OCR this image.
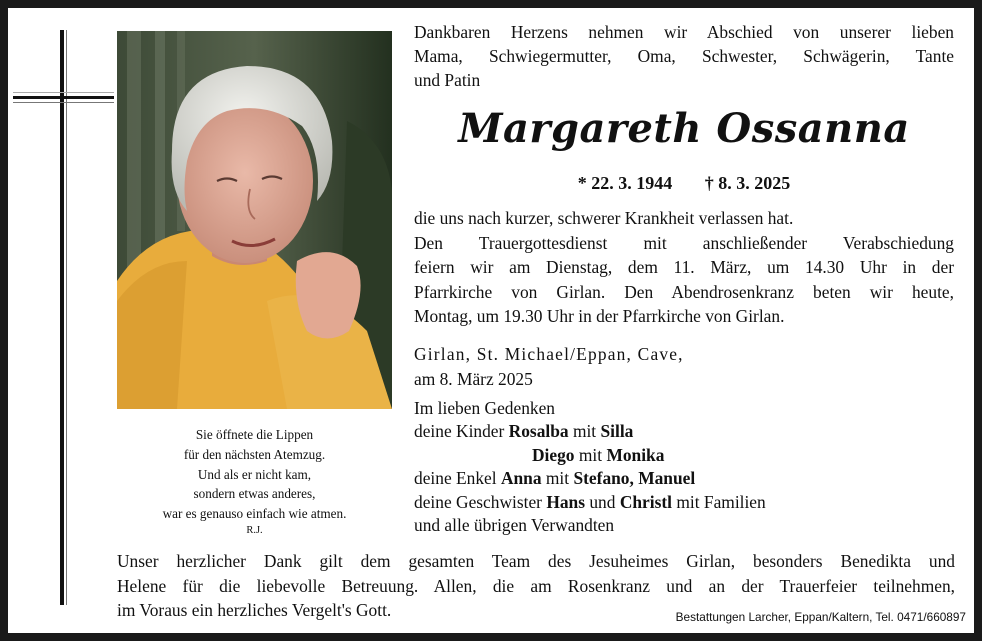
Sie öffnete die Lippen
für den nächsten Atemzug.
Und als er nicht kam,
sondern etwas anderes,
war es genauso einfach wie atmen.
R.J.
Dankbaren Herzens nehmen wir Abschied von unserer lieben
Mama, Schwiegermutter, Oma, Schwester, Schwägerin, Tante
und Patin
Margareth Ossanna
* 22. 3. 1944 † 8. 3. 2025
die uns nach kurzer, schwerer Krankheit verlassen hat.
Den Trauergottesdienst mit anschließender Verabschiedung
feiern wir am Dienstag, dem 11. März, um 14.30 Uhr in der
Pfarrkirche von Girlan. Den Abendrosenkranz beten wir heute,
Montag, um 19.30 Uhr in der Pfarrkirche von Girlan.
Girlan, St. Michael/Eppan, Cave,
am 8. März 2025
Im lieben Gedenken
deine Kinder Rosalba mit Silla
Diego mit Monika
deine Enkel Anna mit Stefano, Manuel
deine Geschwister Hans und Christl mit Familien
und alle übrigen Verwandten
Unser herzlicher Dank gilt dem gesamten Team des Jesuheimes Girlan, besonders Benedikta und
Helene für die liebevolle Betreuung. Allen, die am Rosenkranz und an der Trauerfeier teilnehmen,
im Voraus ein herzliches Vergelt's Gott.	Bestattungen Larcher, Eppan/Kaltern, Tel. 0471/660897
